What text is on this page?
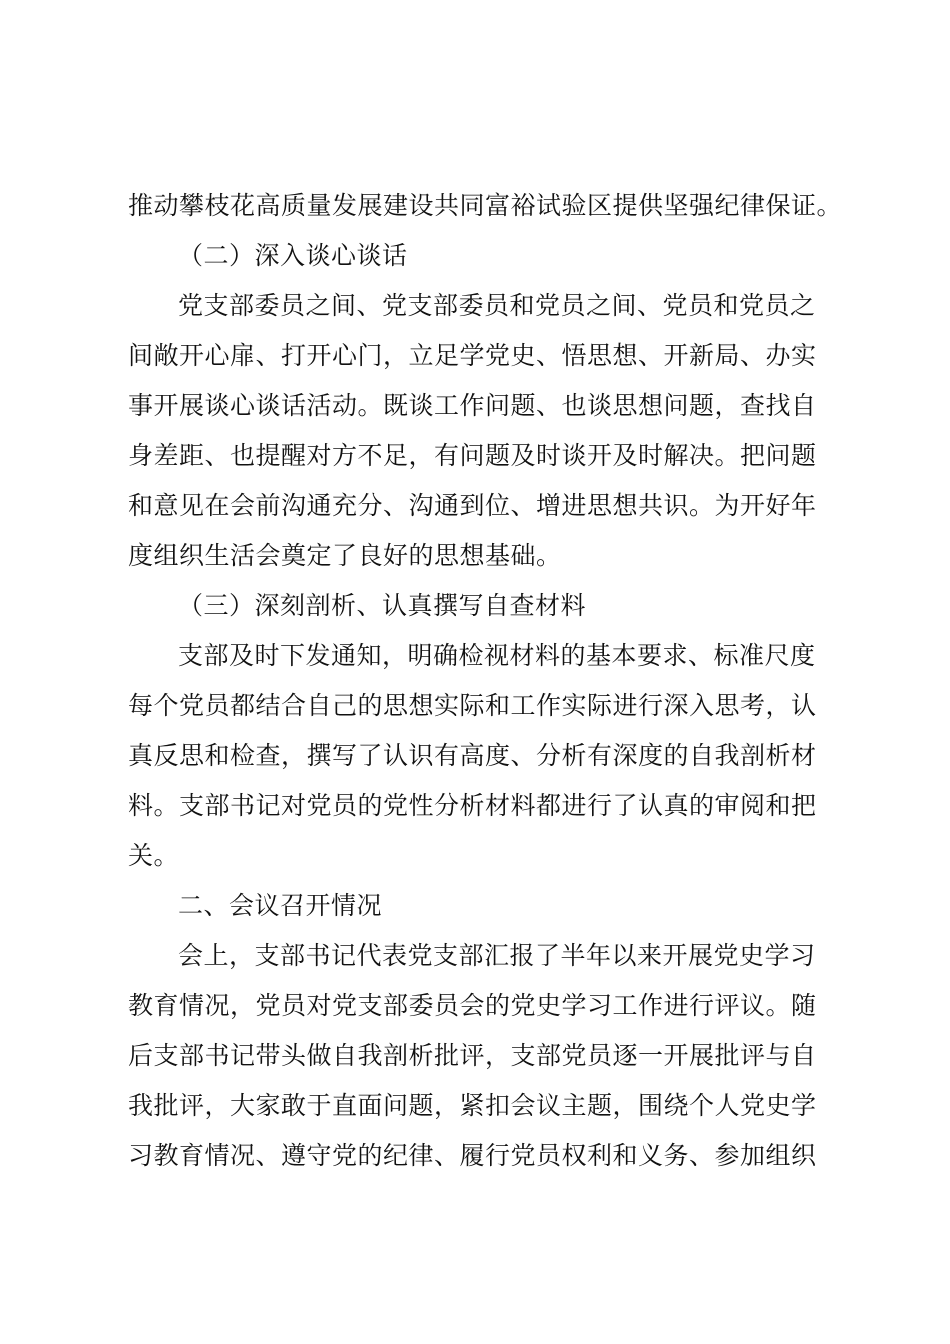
推动攀枝花高质量发展建设共同富裕试验区提供坚强纪律保证。
（二）深入谈心谈话
党支部委员之间、党支部委员和党员之间、党员和党员之
间敞开心扉、打开心门，立足学党史、悟思想、开新局、办实
事开展谈心谈话活动。既谈工作问题、也谈思想问题，查找自
身差距、也提醒对方不足，有问题及时谈开及时解决。把问题
和意见在会前沟通充分、沟通到位、增进思想共识。为开好年
度组织生活会奠定了良好的思想基础。
（三）深刻剖析、认真撰写自查材料
支部及时下发通知，明确检视材料的基本要求、标准尺度
每个党员都结合自己的思想实际和工作实际进行深入思考，认
真反思和检查，撰写了认识有高度、分析有深度的自我剖析材
料。支部书记对党员的党性分析材料都进行了认真的审阅和把
关。
二、会议召开情况
会上，支部书记代表党支部汇报了半年以来开展党史学习
教育情况，党员对党支部委员会的党史学习工作进行评议。随
后支部书记带头做自我剖析批评，支部党员逐一开展批评与自
我批评，大家敢于直面问题，紧扣会议主题，围绕个人党史学
习教育情况、遵守党的纪律、履行党员权利和义务、参加组织
